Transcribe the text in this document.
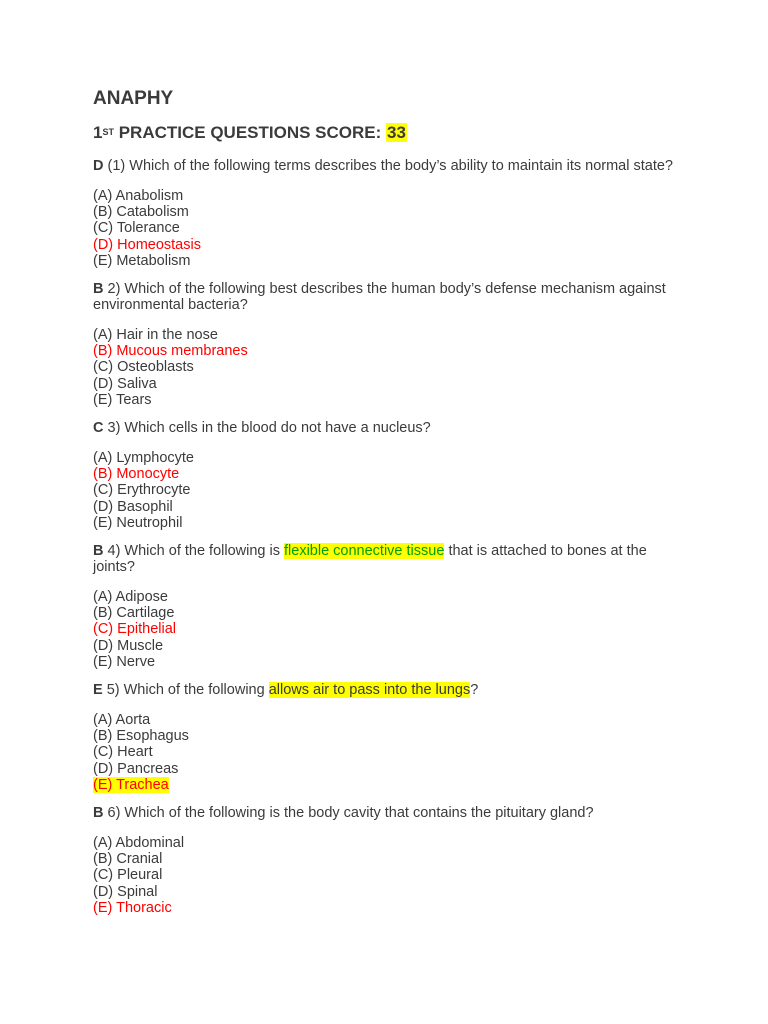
ANAPHY
1ST PRACTICE QUESTIONS SCORE: 33
D (1) Which of the following terms describes the body’s ability to maintain its normal state?
(A) Anabolism
(B) Catabolism
(C) Tolerance
(D) Homeostasis
(E) Metabolism
B 2) Which of the following best describes the human body’s defense mechanism against environmental bacteria?
(A) Hair in the nose
(B) Mucous membranes
(C) Osteoblasts
(D) Saliva
(E) Tears
C 3) Which cells in the blood do not have a nucleus?
(A) Lymphocyte
(B) Monocyte
(C) Erythrocyte
(D) Basophil
(E) Neutrophil
B 4) Which of the following is flexible connective tissue that is attached to bones at the joints?
(A) Adipose
(B) Cartilage
(C) Epithelial
(D) Muscle
(E) Nerve
E 5) Which of the following allows air to pass into the lungs?
(A) Aorta
(B) Esophagus
(C) Heart
(D) Pancreas
(E) Trachea
B 6) Which of the following is the body cavity that contains the pituitary gland?
(A) Abdominal
(B) Cranial
(C) Pleural
(D) Spinal
(E) Thoracic
